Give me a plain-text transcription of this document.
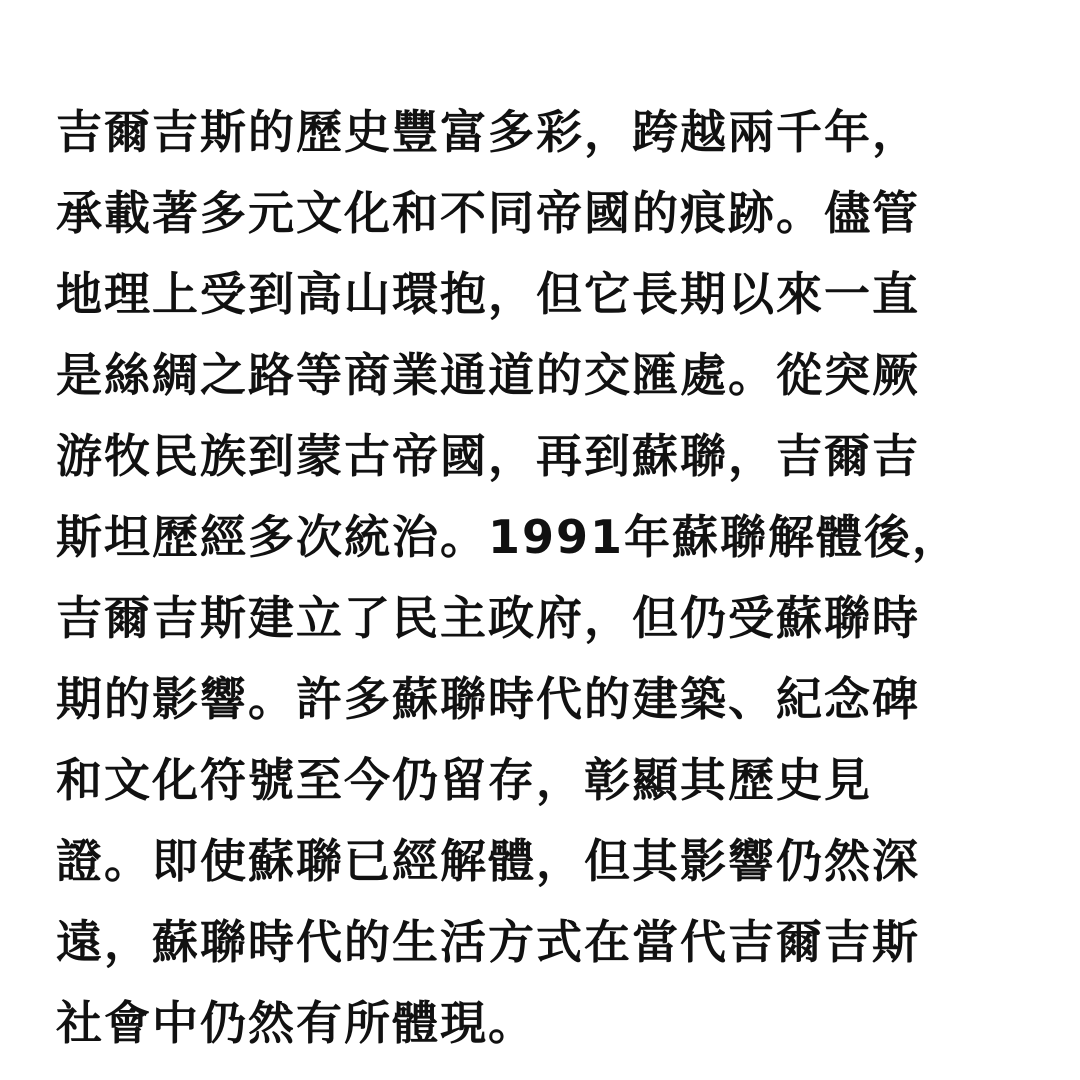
吉爾吉斯的歷史豐富多彩，跨越兩千年，
承載著多元文化和不同帝國的痕跡。儘管
地理上受到高山環抱，但它長期以來一直
是絲綢之路等商業通道的交匯處。從突厥
游牧民族到蒙古帝國，再到蘇聯，吉爾吉
斯坦歷經多次統治。1991年蘇聯解體後，
吉爾吉斯建立了民主政府，但仍受蘇聯時
期的影響。許多蘇聯時代的建築、紀念碑
和文化符號至今仍留存，彰顯其歷史見
證。即使蘇聯已經解體，但其影響仍然深
遠，蘇聯時代的生活方式在當代吉爾吉斯
社會中仍然有所體現。
